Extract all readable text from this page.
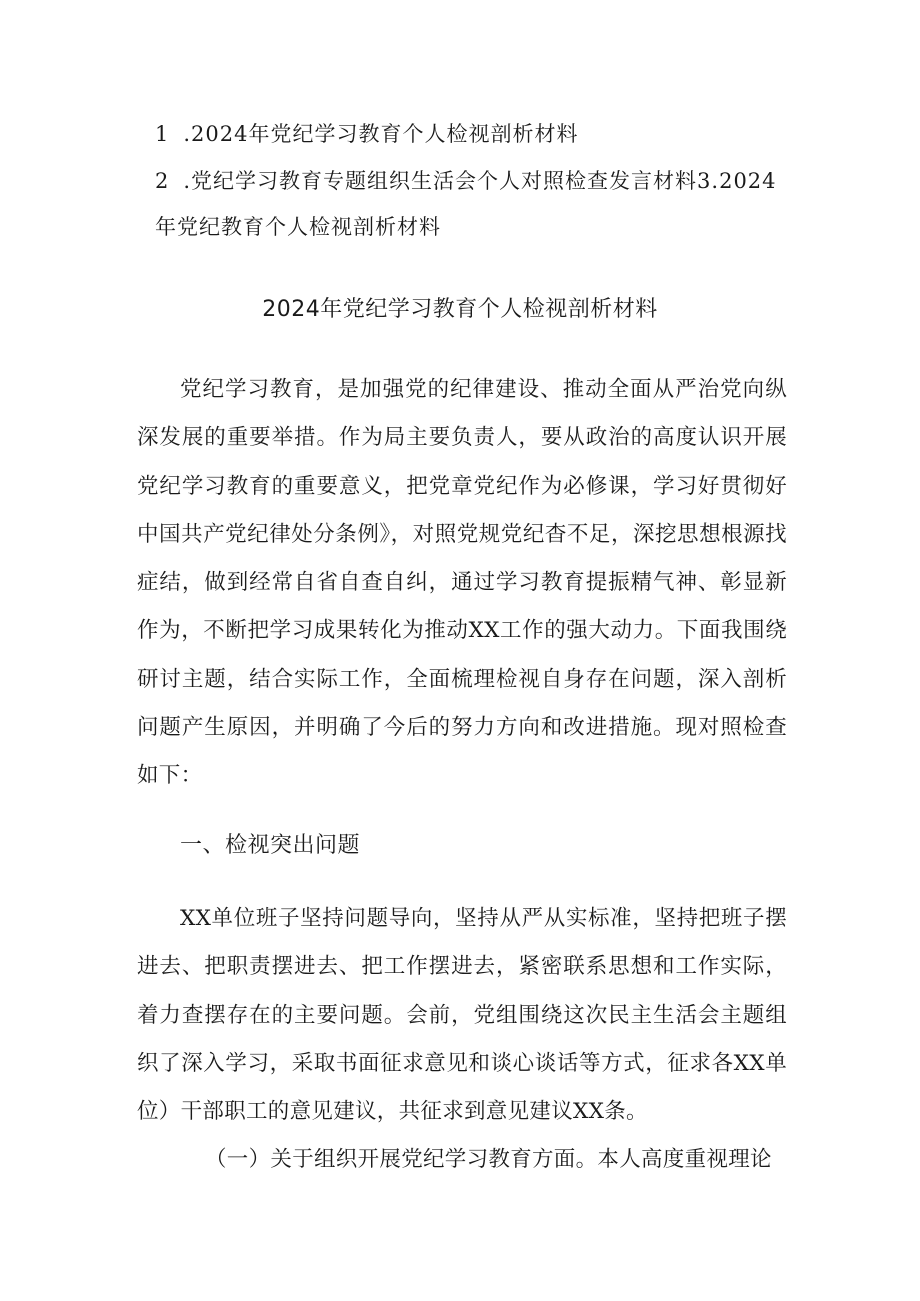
1 .2024年党纪学习教育个人检视剖析材料
2 .党纪学习教育专题组织生活会个人对照检查发言材料3.2024
年党纪教育个人检视剖析材料
2024年党纪学习教育个人检视剖析材料
党纪学习教育，是加强党的纪律建设、推动全面从严治党向纵深发展的重要举措。作为局主要负责人，要从政治的高度认识开展党纪学习教育的重要意义，把党章党纪作为必修课，学习好贯彻好中国共产党纪律处分条例》，对照党规党纪杳不足，深挖思想根源找症结，做到经常自省自查自纠，通过学习教育提振精气神、彰显新作为，不断把学习成果转化为推动XX工作的强大动力。下面我围绕研讨主题，结合实际工作，全面梳理检视自身存在问题，深入剖析问题产生原因，并明确了今后的努力方向和改进措施。现对照检查如下：
一、检视突出问题
XX单位班子坚持问题导向，坚持从严从实标准，坚持把班子摆进去、把职责摆进去、把工作摆进去，紧密联系思想和工作实际，着力查摆存在的主要问题。会前，党组围绕这次民主生活会主题组织了深入学习，采取书面征求意见和谈心谈话等方式，征求各XX单位）干部职工的意见建议，共征求到意见建议XX条。
（一）关于组织开展党纪学习教育方面。本人高度重视理论
